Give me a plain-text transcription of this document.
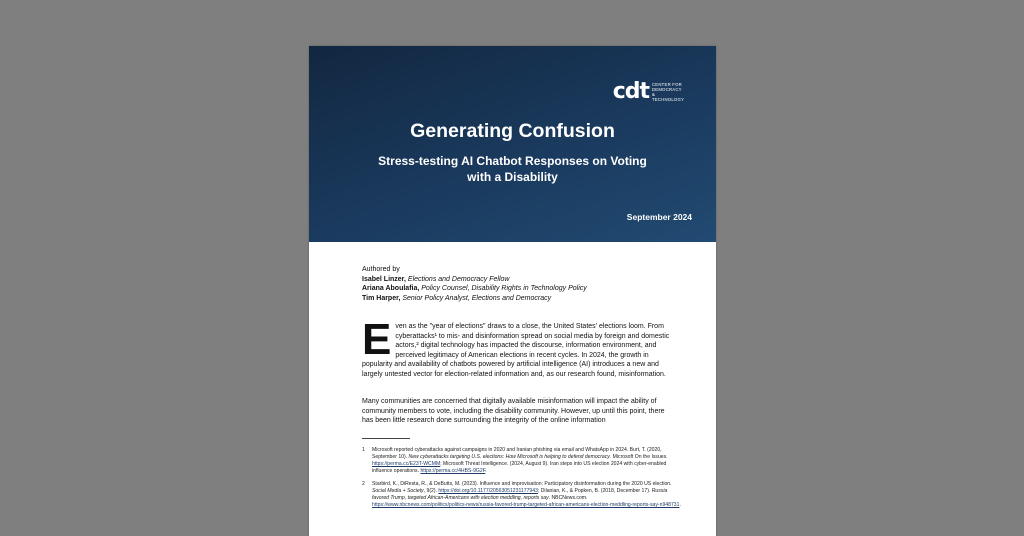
cdt CENTER FOR DEMOCRACY & TECHNOLOGY
Generating Confusion
Stress-testing AI Chatbot Responses on Voting with a Disability
September 2024
Authored by
Isabel Linzer, Elections and Democracy Fellow
Ariana Aboulafia, Policy Counsel, Disability Rights in Technology Policy
Tim Harper, Senior Policy Analyst, Elections and Democracy
Even as the "year of elections" draws to a close, the United States' elections loom. From cyberattacks¹ to mis- and disinformation spread on social media by foreign and domestic actors,² digital technology has impacted the discourse, information environment, and perceived legitimacy of American elections in recent cycles. In 2024, the growth in popularity and availability of chatbots powered by artificial intelligence (AI) introduces a new and largely untested vector for election-related information and, as our research found, misinformation.
Many communities are concerned that digitally available misinformation will impact the ability of community members to vote, including the disability community. However, up until this point, there has been little research done surrounding the integrity of the online information
1 Microsoft reported cyberattacks against campaigns in 2020 and Iranian phishing via email and WhatsApp in 2024. Burt, T. (2020, September 10). New cyberattacks targeting U.S. elections: How Microsoft is helping to defend democracy. Microsoft On the Issues. https://perma.cc/E23T-WCMM; Microsoft Threat Intelligence. (2024, August 9). Iran steps into US election 2024 with cyber-enabled influence operations. https://perma.cc/4HBS-9G2F.
2 Starbird, K., DiResta, R., & DeButts, M. (2023). Influence and improvisation: Participatory disinformation during the 2020 US election. Social Media + Society, 9(2). https://doi.org/10.1177/20563051231177943; Dilanian, K., & Popken, B. (2018, December 17). Russia favored Trump, targeted African-Americans with election meddling, reports say. NBCNews.com. https://www.nbcnews.com/politics/politics-news/russia-favored-trump-targeted-african-americans-election-meddling-reports-say-n948731.
